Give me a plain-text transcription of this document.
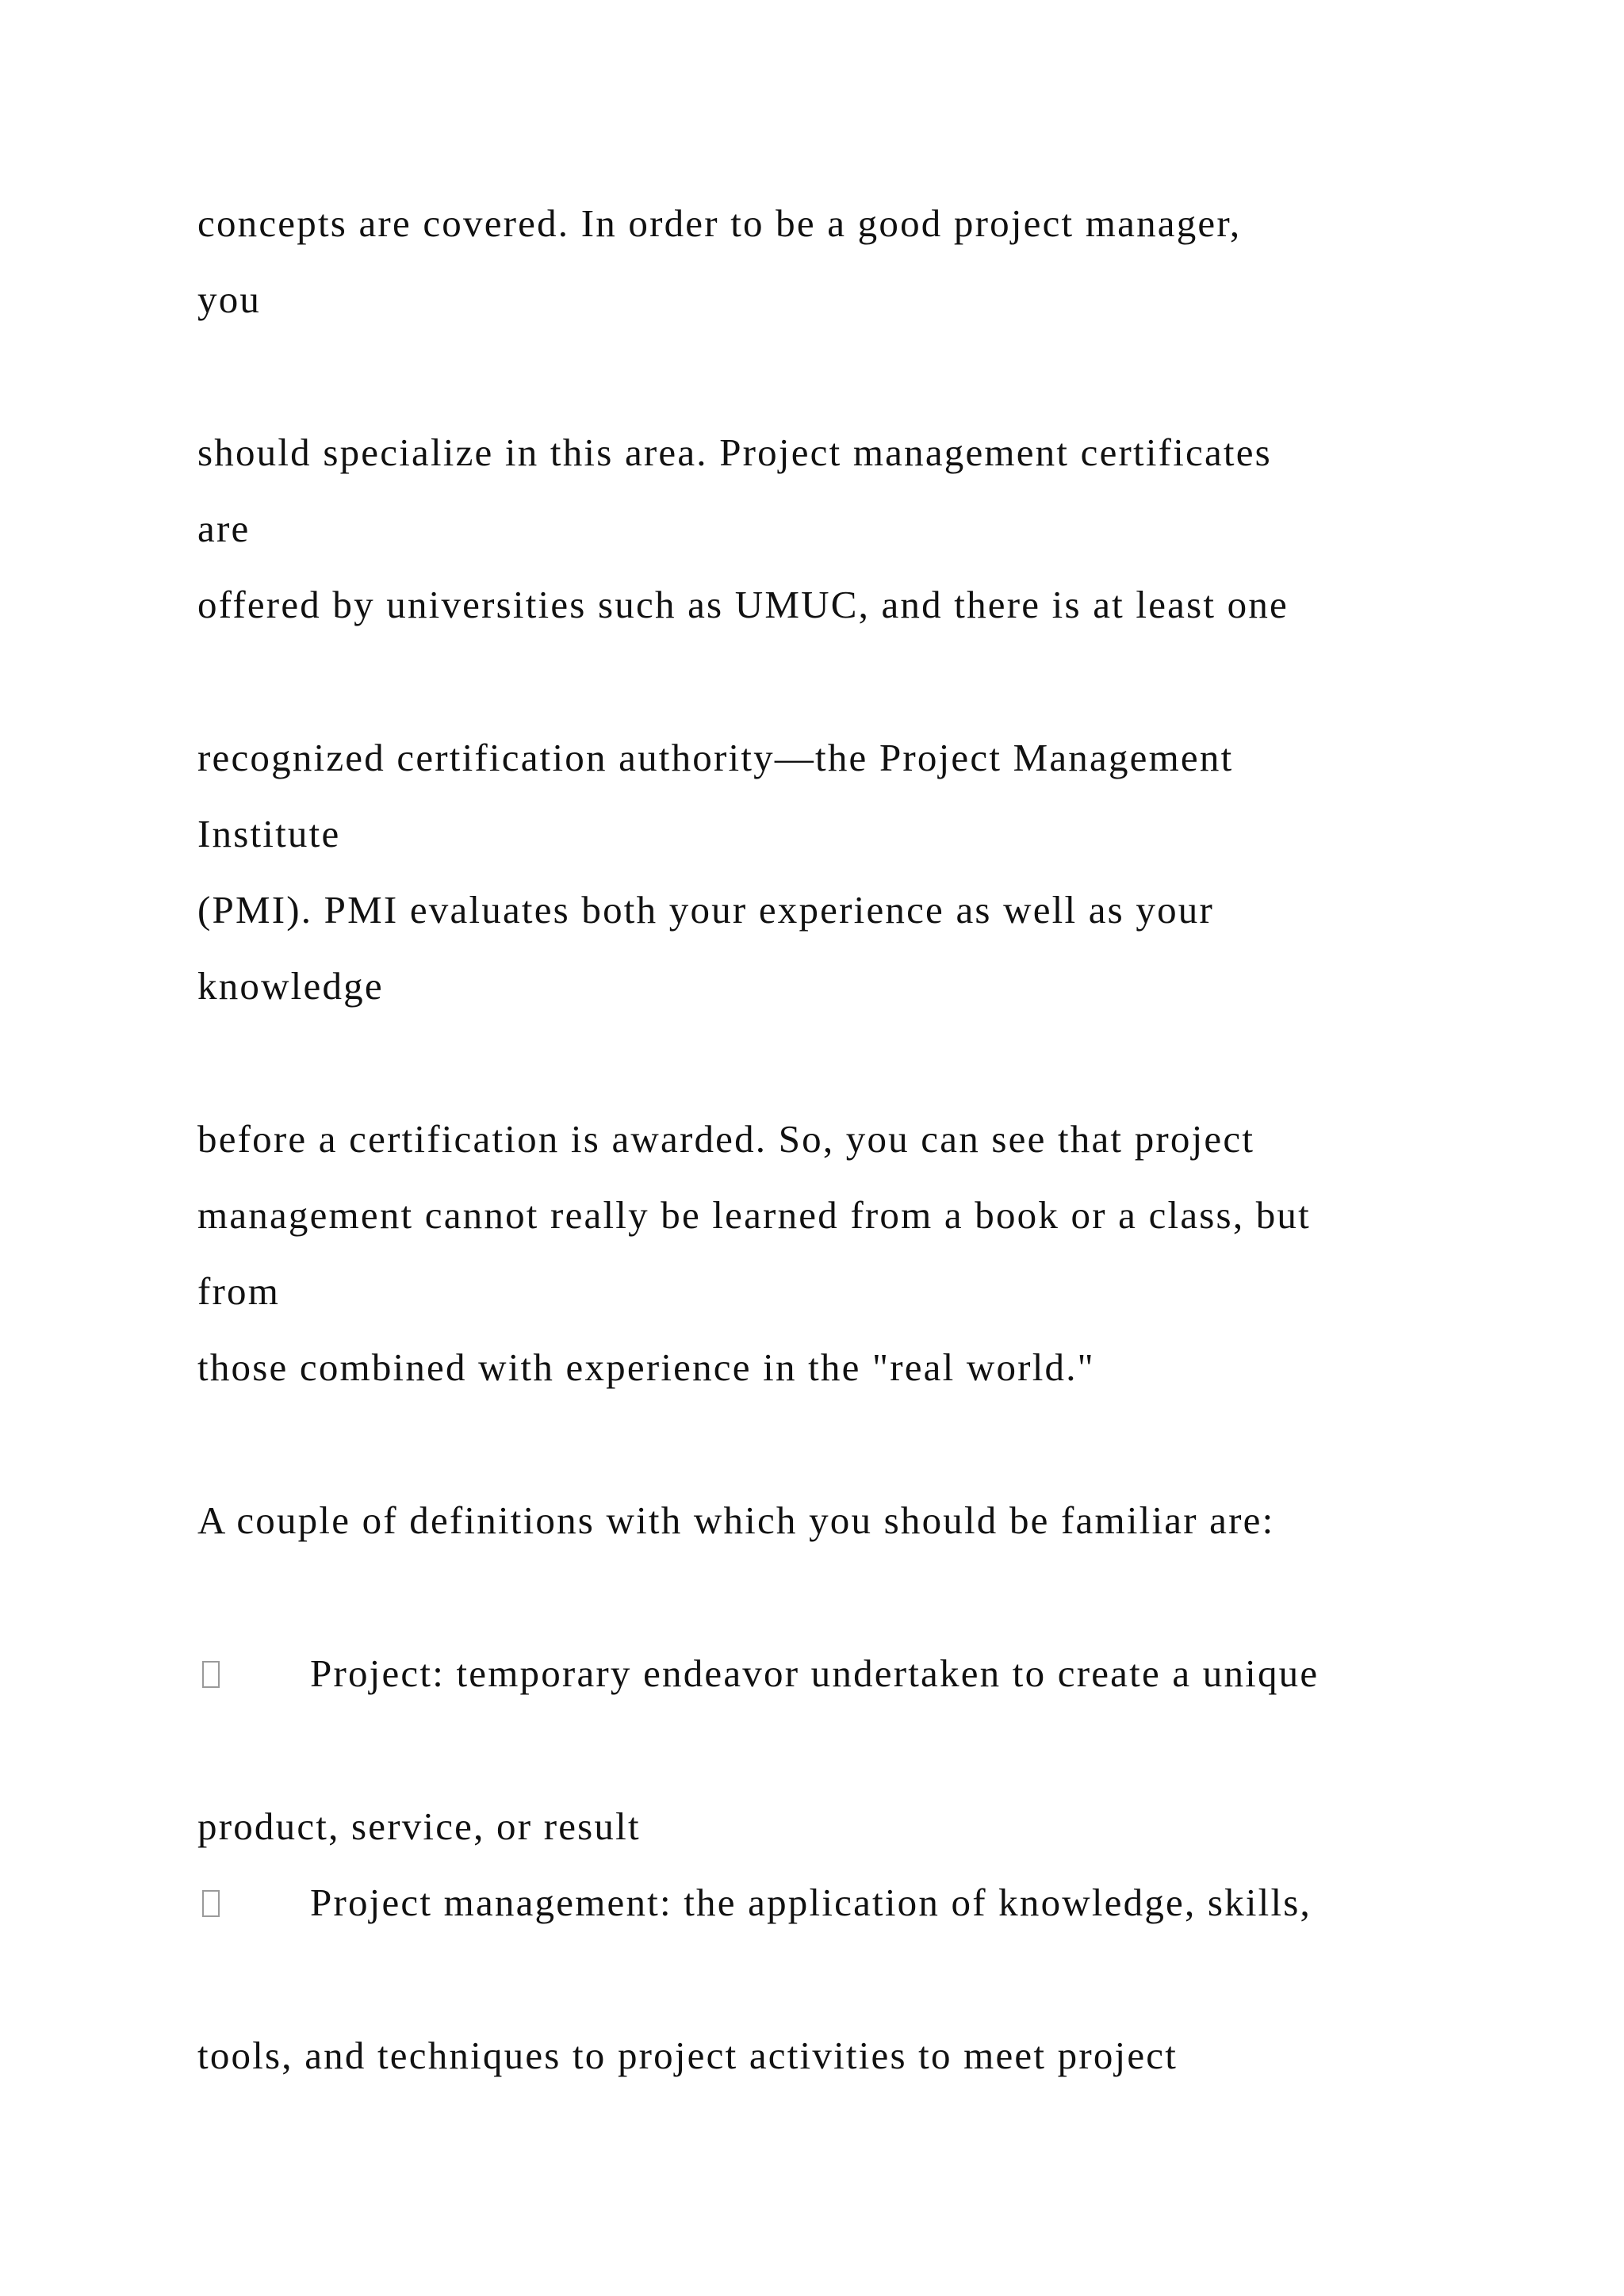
concepts are covered. In order to be a good project manager,
you
should specialize in this area. Project management certificates
are
offered by universities such as UMUC, and there is at least one
recognized certification authority—the Project Management
Institute
(PMI). PMI evaluates both your experience as well as your
knowledge
before a certification is awarded. So, you can see that project
management cannot really be learned from a book or a class, but
from
those combined with experience in the "real world."
A couple of definitions with which you should be familiar are:
Project: temporary endeavor undertaken to create a unique
product, service, or result
Project management: the application of knowledge, skills,
tools, and techniques to project activities to meet project
